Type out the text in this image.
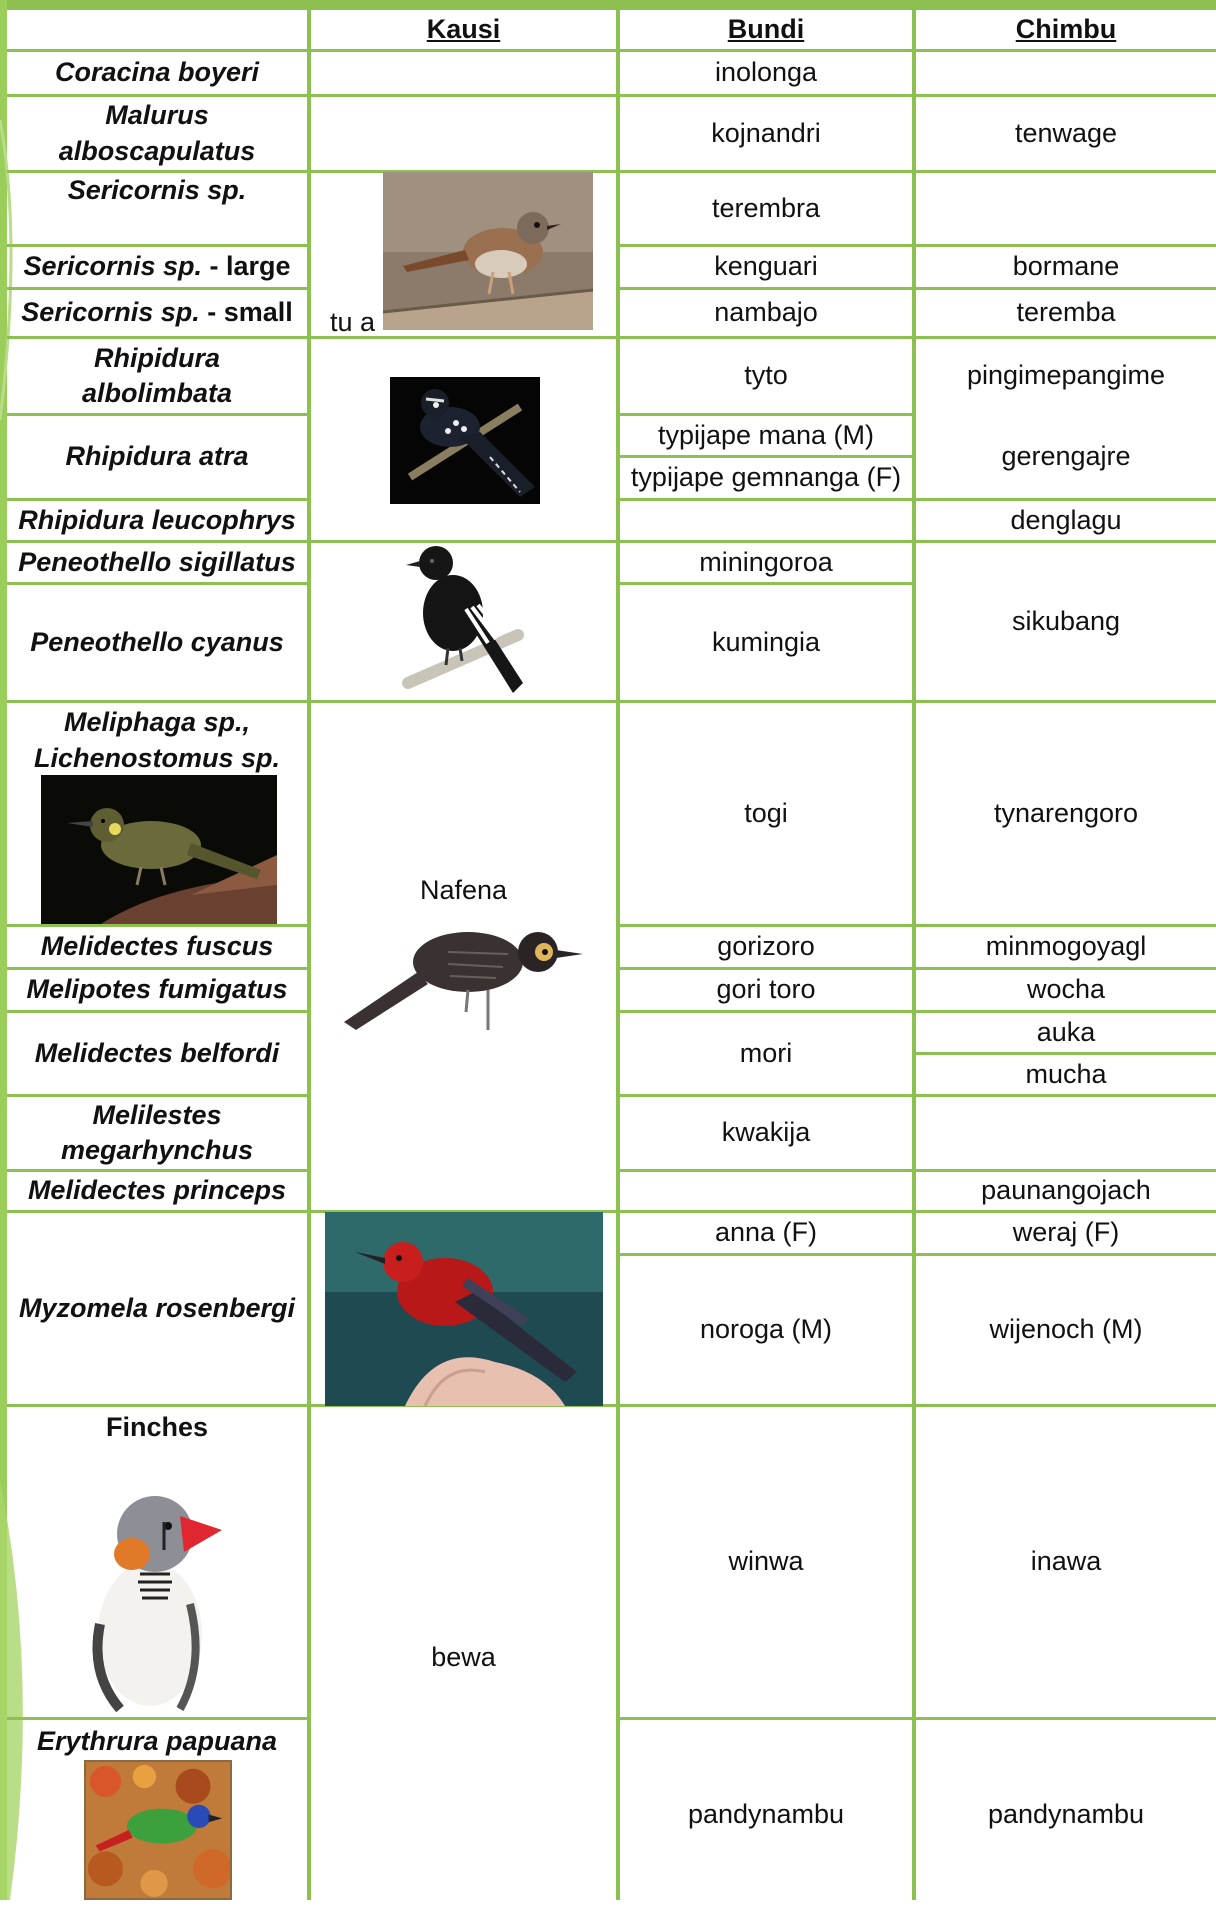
Kausi	Bundi	Chimbu
Coracina boyeri
Malurus
alboscapulatus
Sericornis sp.
Sericornis sp. - large
Sericornis sp. - small
Rhipidura
albolimbata
Rhipidura atra
Rhipidura leucophrys
Peneothello sigillatus
Peneothello cyanus
Meliphaga sp.,
Lichenostomus sp.
Melidectes fuscus
Melipotes fumigatus
Melidectes belfordi
Melilestes
megarhynchus
Melidectes princeps
Myzomela rosenbergi
Finches
Erythrura papuana
tu a
Nafena
bewa
inolonga
kojnandri
terembra
kenguari
nambajo
tyto
typijape mana (M)
typijape gemnanga (F)
miningoroa
kumingia
togi
gorizoro
gori toro
mori
kwakija
anna (F)
noroga (M)
winwa
pandynambu
tenwage
bormane
teremba
pingimepangime
gerengajre
denglagu
sikubang
tynarengoro
minmogoyagl
wocha
auka
mucha
paunangojach
weraj (F)
wijenoch (M)
inawa
pandynambu
